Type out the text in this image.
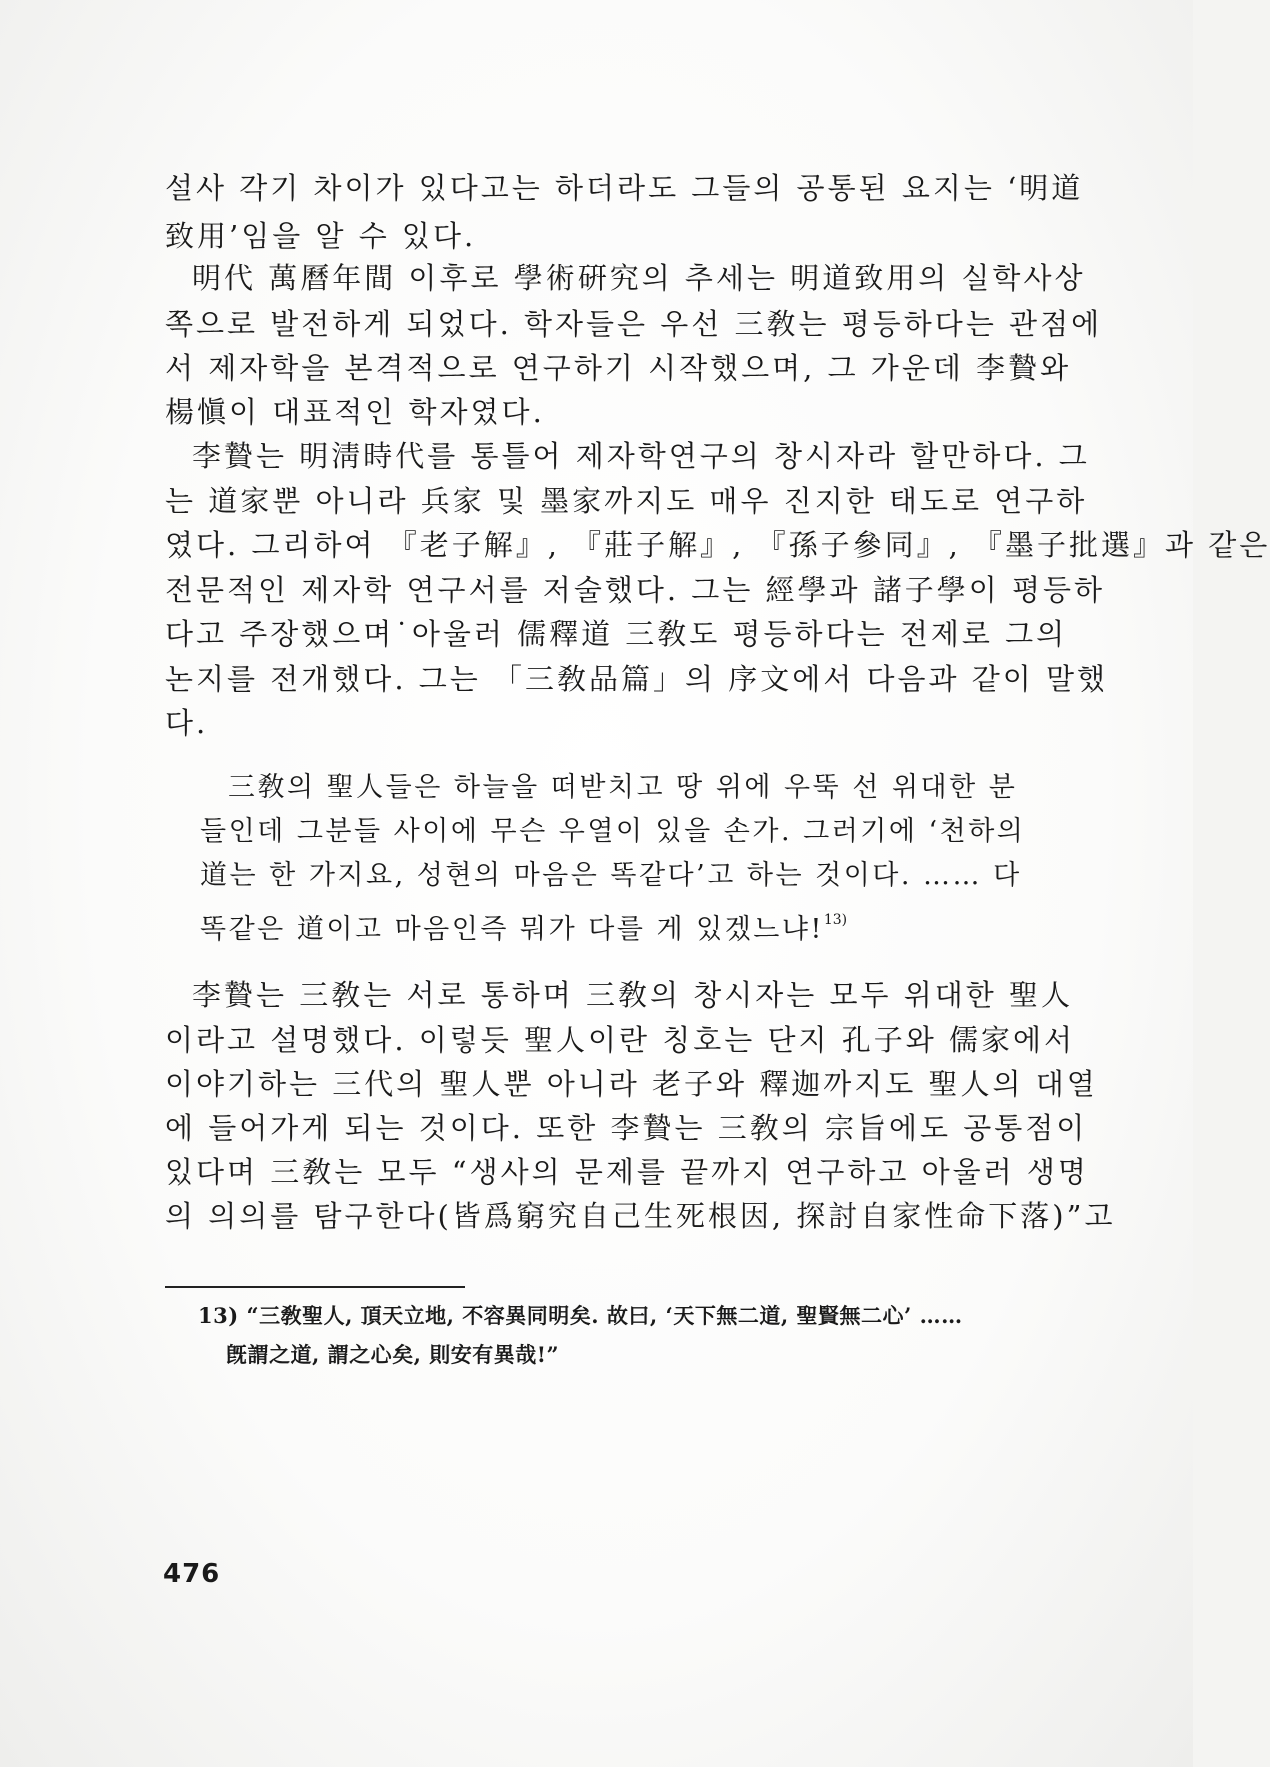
설사 각기 차이가 있다고는 하더라도 그들의 공통된 요지는 ‘明道
致用’임을 알 수 있다.
明代 萬曆年間 이후로 學術硏究의 추세는 明道致用의 실학사상
쪽으로 발전하게 되었다. 학자들은 우선 三敎는 평등하다는 관점에
서 제자학을 본격적으로 연구하기 시작했으며, 그 가운데 李贄와
楊愼이 대표적인 학자였다.
李贄는 明淸時代를 통틀어 제자학연구의 창시자라 할만하다. 그
는 道家뿐 아니라 兵家 및 墨家까지도 매우 진지한 태도로 연구하
였다. 그리하여 『老子解』, 『莊子解』, 『孫子參同』, 『墨子批選』과 같은
전문적인 제자학 연구서를 저술했다. 그는 經學과 諸子學이 평등하
다고 주장했으며˙아울러 儒釋道 三敎도 평등하다는 전제로 그의
논지를 전개했다. 그는 「三敎品篇」의 序文에서 다음과 같이 말했
다.
三敎의 聖人들은 하늘을 떠받치고 땅 위에 우뚝 선 위대한 분
들인데 그분들 사이에 무슨 우열이 있을 손가. 그러기에 ‘천하의
道는 한 가지요, 성현의 마음은 똑같다’고 하는 것이다. …… 다
똑같은 道이고 마음인즉 뭐가 다를 게 있겠느냐!$^{13)}$
李贄는 三敎는 서로 통하며 三敎의 창시자는 모두 위대한 聖人
이라고 설명했다. 이렇듯 聖人이란 칭호는 단지 孔子와 儒家에서
이야기하는 三代의 聖人뿐 아니라 老子와 釋迦까지도 聖人의 대열
에 들어가게 되는 것이다. 또한 李贄는 三敎의 宗旨에도 공통점이
있다며 三敎는 모두 “생사의 문제를 끝까지 연구하고 아울러 생명
의 의의를 탐구한다(皆爲窮究自己生死根因, 探討自家性命下落)”고
13) “三敎聖人, 頂天立地, 不容異同明矣. 故曰, ‘天下無二道, 聖賢無二心’ ……
旣謂之道, 謂之心矣, 則安有異哉!”
476
